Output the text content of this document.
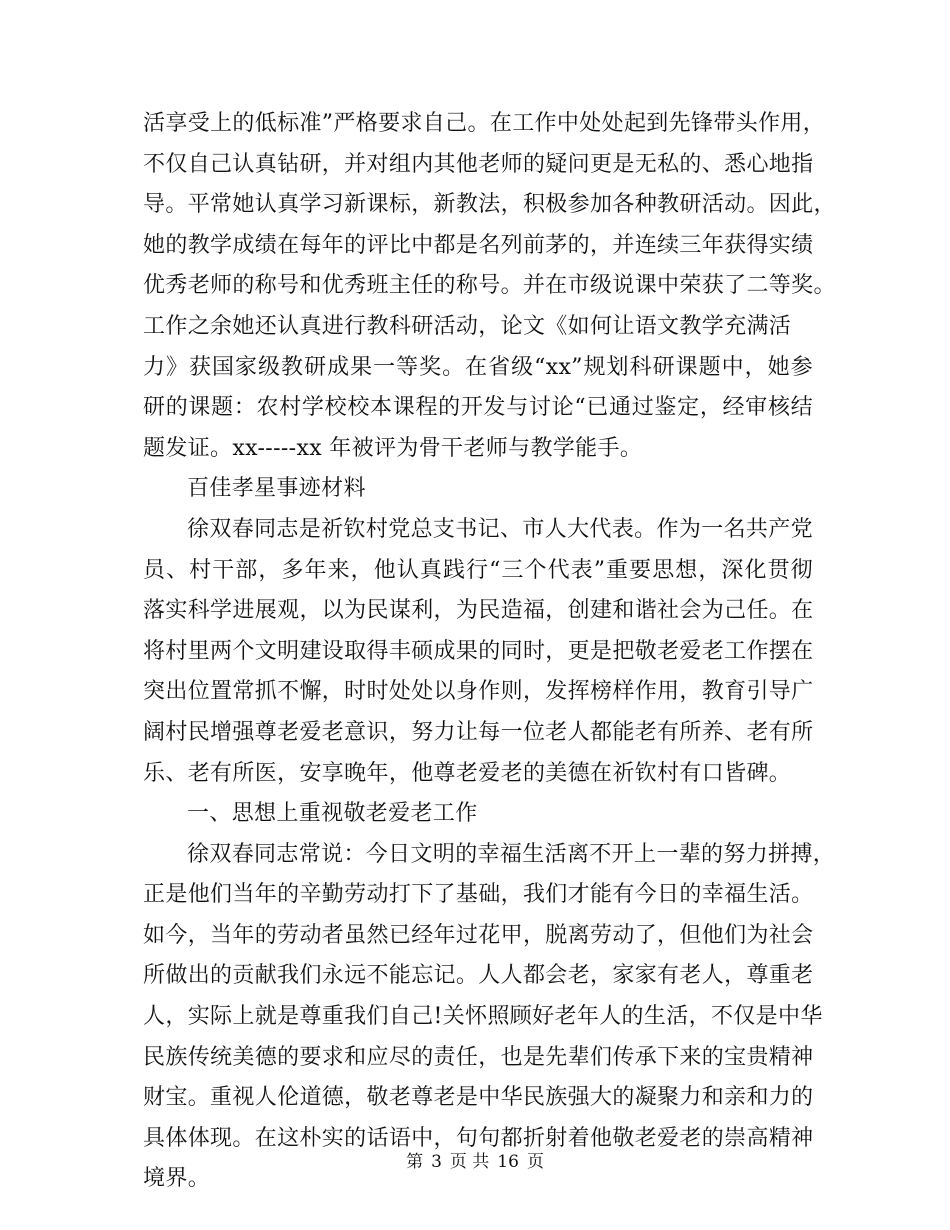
活享受上的低标准”严格要求自己。在工作中处处起到先锋带头作用，
不仅自己认真钻研，并对组内其他老师的疑问更是无私的、悉心地指
导。平常她认真学习新课标，新教法，积极参加各种教研活动。因此，
她的教学成绩在每年的评比中都是名列前茅的，并连续三年获得实绩
优秀老师的称号和优秀班主任的称号。并在市级说课中荣获了二等奖。
工作之余她还认真进行教科研活动，论文《如何让语文教学充满活
力》获国家级教研成果一等奖。在省级“xx”规划科研课题中，她参
研的课题：农村学校校本课程的开发与讨论“已通过鉴定，经审核结
题发证。xx-----xx 年被评为骨干老师与教学能手。
百佳孝星事迹材料
徐双春同志是祈钦村党总支书记、市人大代表。作为一名共产党
员、村干部，多年来，他认真践行“三个代表”重要思想，深化贯彻
落实科学进展观，以为民谋利，为民造福，创建和谐社会为己任。在
将村里两个文明建设取得丰硕成果的同时，更是把敬老爱老工作摆在
突出位置常抓不懈，时时处处以身作则，发挥榜样作用，教育引导广
阔村民增强尊老爱老意识，努力让每一位老人都能老有所养、老有所
乐、老有所医，安享晚年，他尊老爱老的美德在祈钦村有口皆碑。
一、思想上重视敬老爱老工作
徐双春同志常说：今日文明的幸福生活离不开上一辈的努力拼搏，
正是他们当年的辛勤劳动打下了基础，我们才能有今日的幸福生活。
如今，当年的劳动者虽然已经年过花甲，脱离劳动了，但他们为社会
所做出的贡献我们永远不能忘记。人人都会老，家家有老人，尊重老
人，实际上就是尊重我们自己!关怀照顾好老年人的生活，不仅是中华
民族传统美德的要求和应尽的责任，也是先辈们传承下来的宝贵精神
财宝。重视人伦道德，敬老尊老是中华民族强大的凝聚力和亲和力的
具体体现。在这朴实的话语中，句句都折射着他敬老爱老的崇高精神
境界。
第 3 页 共 16 页
